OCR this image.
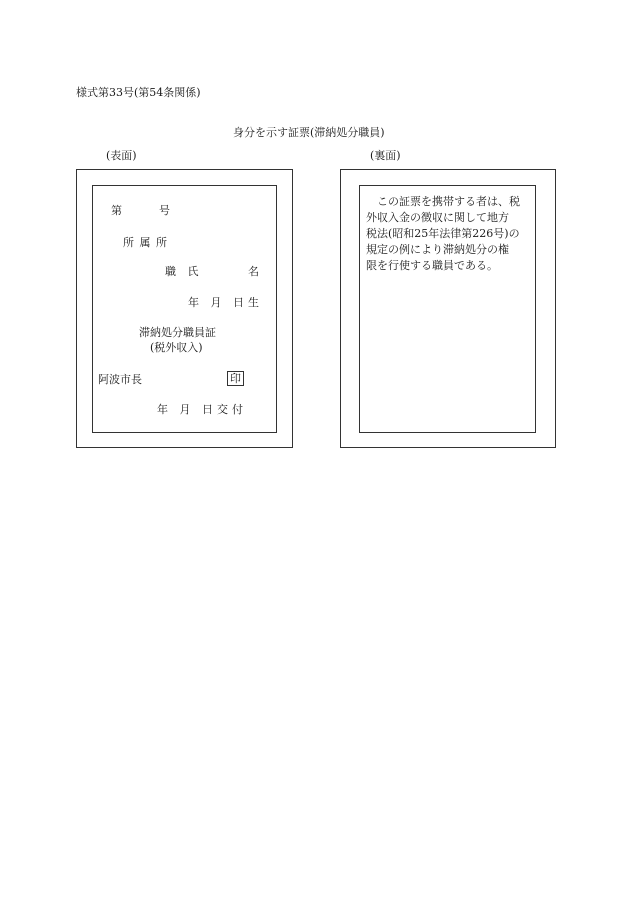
様式第33号(第54条関係)
身分を示す証票(滞納処分職員)
(表面)
第	号
所 属 所
職 氏	名
年 月 日生
滞納処分職員証
(税外収入)
阿波市長	印
年 月 日交付
(裏面)
この証票を携帯する者は、税
外収入金の徴収に関して地方
税法(昭和25年法律第226号)の
規定の例により滞納処分の権
限を行使する職員である。
